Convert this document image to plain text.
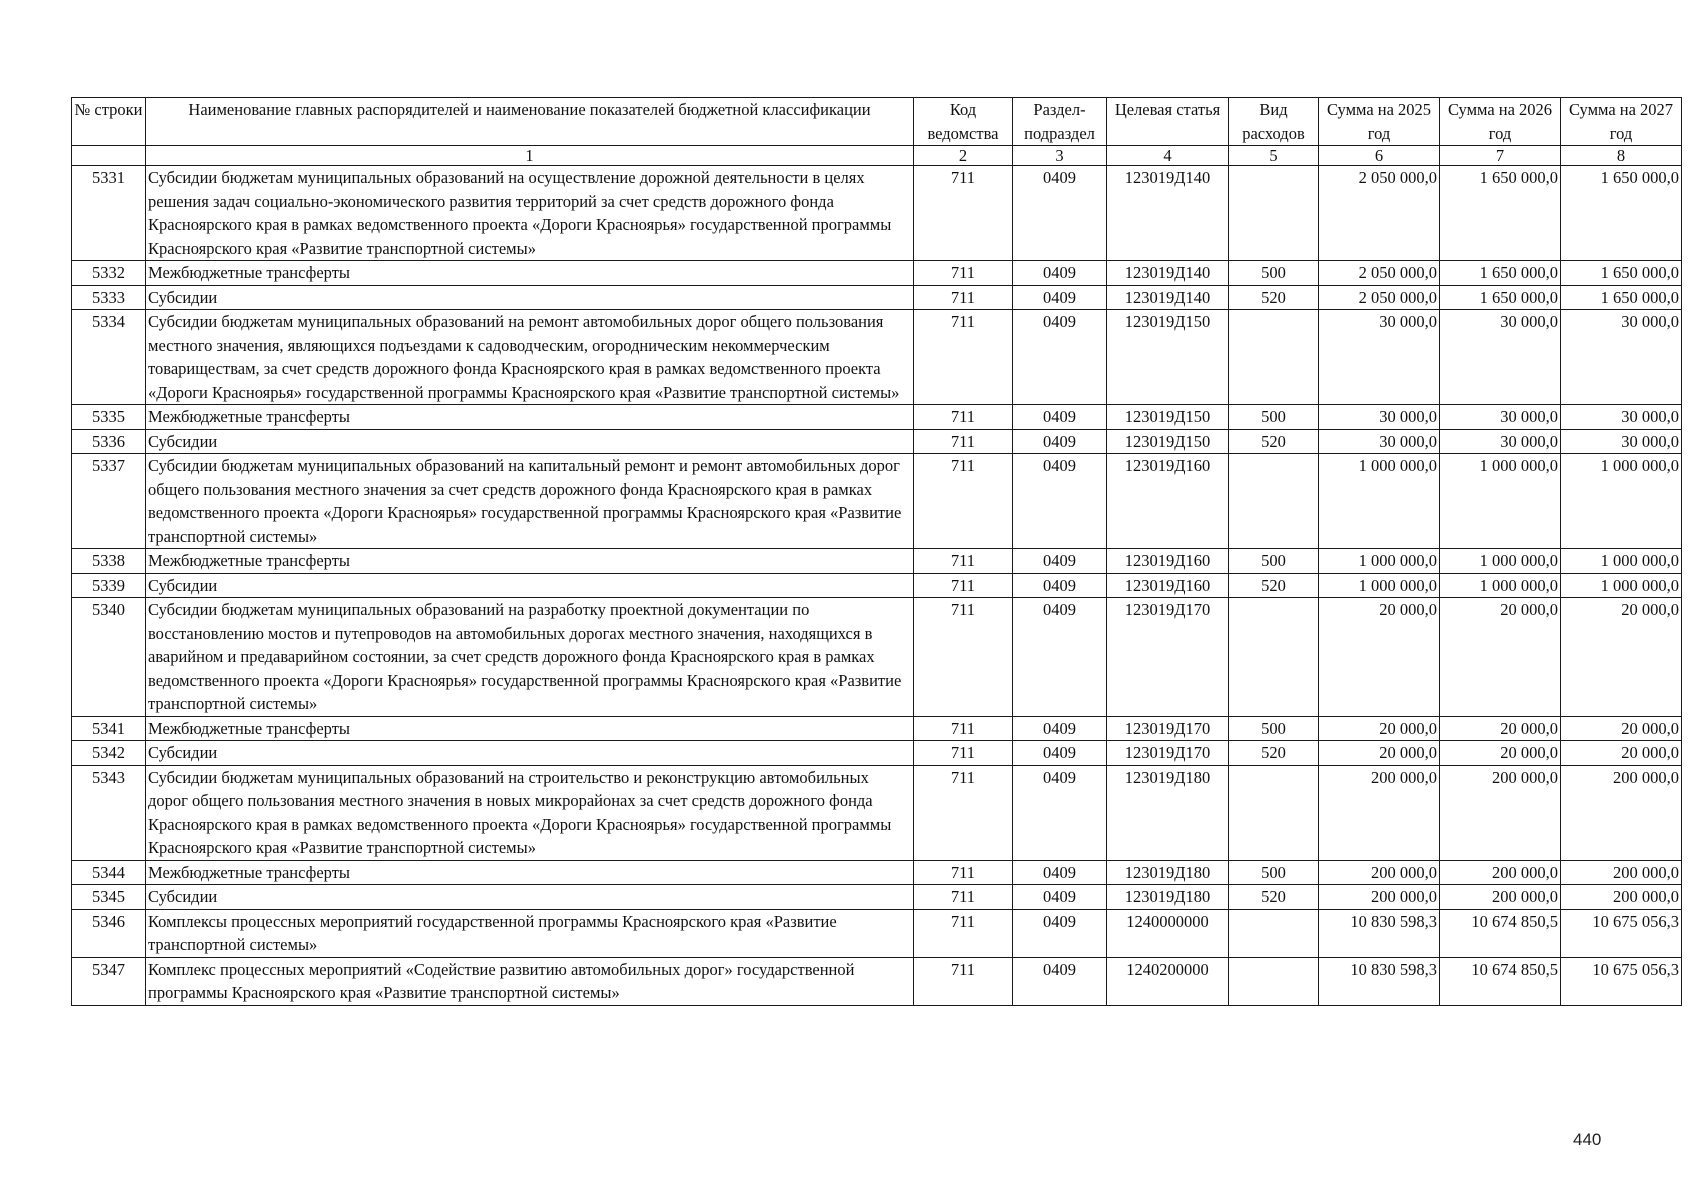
№ строки	Наименование главных распорядителей и наименование показателей бюджетной классификации	Код ведомства	Раздел-подраздел	Целевая статья	Вид расходов	Сумма на 2025 год	Сумма на 2026 год	Сумма на 2027 год
	1	2	3	4	5	6	7	8
5331	Субсидии бюджетам муниципальных образований на осуществление дорожной деятельности в целях решения задач социально-экономического развития территорий за счет средств дорожного фонда Красноярского края в рамках ведомственного проекта «Дороги Красноярья» государственной программы Красноярского края «Развитие транспортной системы»	711	0409	123019Д140		2 050 000,0	1 650 000,0	1 650 000,0
5332	Межбюджетные трансферты	711	0409	123019Д140	500	2 050 000,0	1 650 000,0	1 650 000,0
5333	Субсидии	711	0409	123019Д140	520	2 050 000,0	1 650 000,0	1 650 000,0
5334	Субсидии бюджетам муниципальных образований на ремонт автомобильных дорог общего пользования местного значения, являющихся подъездами к садоводческим, огородническим некоммерческим товариществам, за счет средств дорожного фонда Красноярского края в рамках ведомственного проекта «Дороги Красноярья» государственной программы Красноярского края «Развитие транспортной системы»	711	0409	123019Д150		30 000,0	30 000,0	30 000,0
5335	Межбюджетные трансферты	711	0409	123019Д150	500	30 000,0	30 000,0	30 000,0
5336	Субсидии	711	0409	123019Д150	520	30 000,0	30 000,0	30 000,0
5337	Субсидии бюджетам муниципальных образований на капитальный ремонт и ремонт автомобильных дорог общего пользования местного значения за счет средств дорожного фонда Красноярского края в рамках ведомственного проекта «Дороги Красноярья» государственной программы Красноярского края «Развитие транспортной системы»	711	0409	123019Д160		1 000 000,0	1 000 000,0	1 000 000,0
5338	Межбюджетные трансферты	711	0409	123019Д160	500	1 000 000,0	1 000 000,0	1 000 000,0
5339	Субсидии	711	0409	123019Д160	520	1 000 000,0	1 000 000,0	1 000 000,0
5340	Субсидии бюджетам муниципальных образований на разработку проектной документации по восстановлению мостов и путепроводов на автомобильных дорогах местного значения, находящихся в аварийном и предаварийном состоянии, за счет средств дорожного фонда Красноярского края в рамках ведомственного проекта «Дороги Красноярья» государственной программы Красноярского края «Развитие транспортной системы»	711	0409	123019Д170		20 000,0	20 000,0	20 000,0
5341	Межбюджетные трансферты	711	0409	123019Д170	500	20 000,0	20 000,0	20 000,0
5342	Субсидии	711	0409	123019Д170	520	20 000,0	20 000,0	20 000,0
5343	Субсидии бюджетам муниципальных образований на строительство и реконструкцию автомобильных дорог общего пользования местного значения в новых микрорайонах за счет средств дорожного фонда Красноярского края в рамках ведомственного проекта «Дороги Красноярья» государственной программы Красноярского края «Развитие транспортной системы»	711	0409	123019Д180		200 000,0	200 000,0	200 000,0
5344	Межбюджетные трансферты	711	0409	123019Д180	500	200 000,0	200 000,0	200 000,0
5345	Субсидии	711	0409	123019Д180	520	200 000,0	200 000,0	200 000,0
5346	Комплексы процессных мероприятий государственной программы Красноярского края «Развитие транспортной системы»	711	0409	1240000000		10 830 598,3	10 674 850,5	10 675 056,3
5347	Комплекс процессных мероприятий «Содействие развитию автомобильных дорог» государственной программы Красноярского края «Развитие транспортной системы»	711	0409	1240200000		10 830 598,3	10 674 850,5	10 675 056,3
440
